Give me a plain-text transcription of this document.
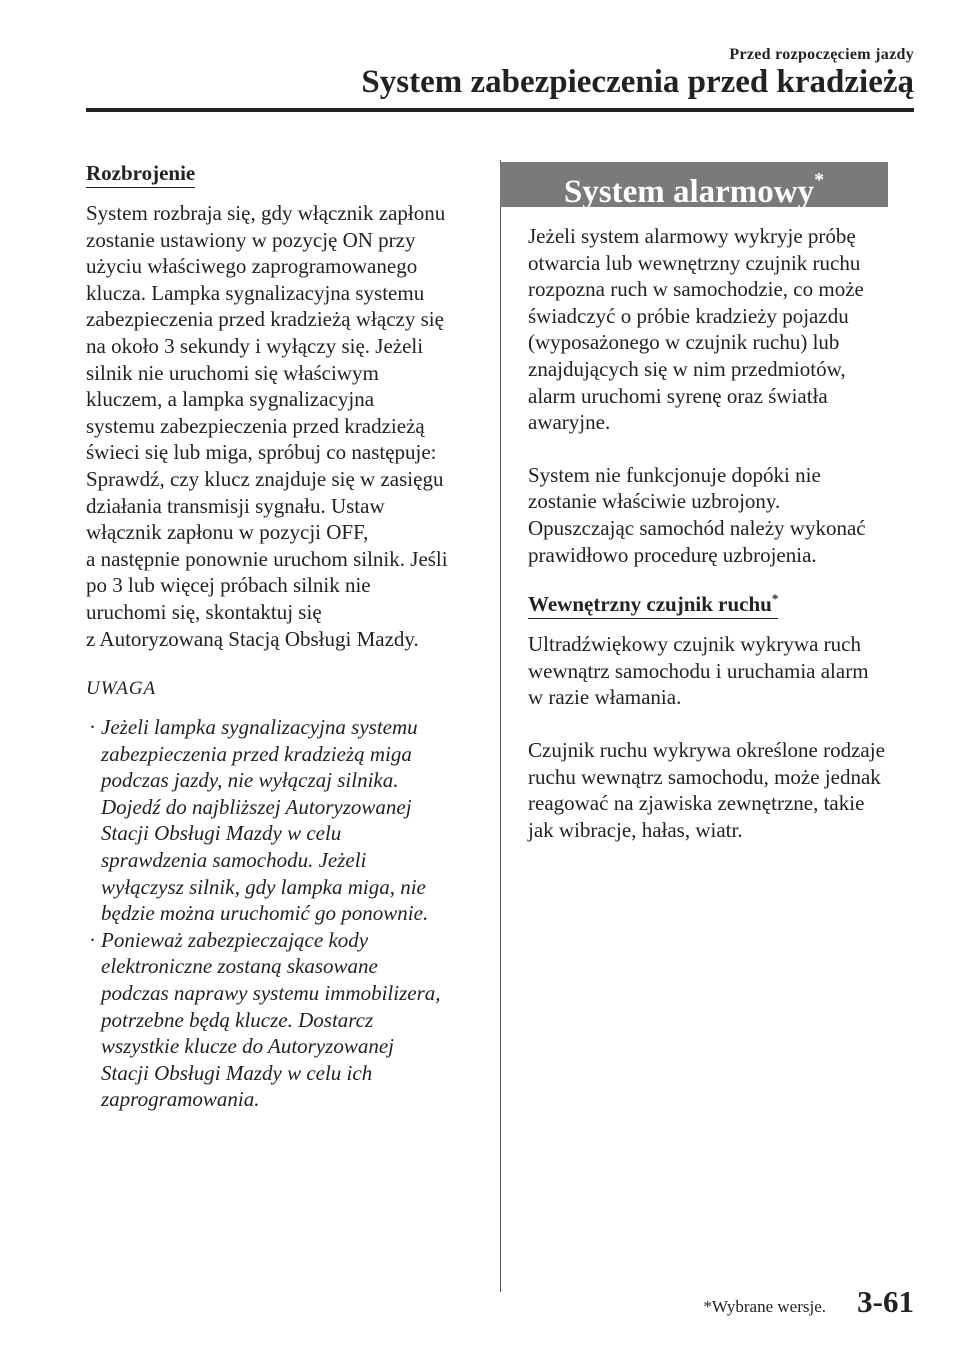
Przed rozpoczęciem jazdy
System zabezpieczenia przed kradzieżą
Rozbrojenie

System rozbraja się, gdy włącznik zapłonu
zostanie ustawiony w pozycję ON przy
użyciu właściwego zaprogramowanego
klucza. Lampka sygnalizacyjna systemu
zabezpieczenia przed kradzieżą włączy się
na około 3 sekundy i wyłączy się. Jeżeli
silnik nie uruchomi się właściwym
kluczem, a lampka sygnalizacyjna
systemu zabezpieczenia przed kradzieżą
świeci się lub miga, spróbuj co następuje:
Sprawdź, czy klucz znajduje się w zasięgu
działania transmisji sygnału. Ustaw
włącznik zapłonu w pozycji OFF,
a następnie ponownie uruchom silnik. Jeśli
po 3 lub więcej próbach silnik nie
uruchomi się, skontaktuj się
z Autoryzowaną Stacją Obsługi Mazdy.

UWAGA
· Jeżeli lampka sygnalizacyjna systemu
zabezpieczenia przed kradzieżą miga
podczas jazdy, nie wyłączaj silnika.
Dojedź do najbliższej Autoryzowanej
Stacji Obsługi Mazdy w celu
sprawdzenia samochodu. Jeżeli
wyłączysz silnik, gdy lampka miga, nie
będzie można uruchomić go ponownie.
· Ponieważ zabezpieczające kody
elektroniczne zostaną skasowane
podczas naprawy systemu immobilizera,
potrzebne będą klucze. Dostarcz
wszystkie klucze do Autoryzowanej
Stacji Obsługi Mazdy w celu ich
zaprogramowania.
System alarmowy*

Jeżeli system alarmowy wykryje próbę
otwarcia lub wewnętrzny czujnik ruchu
rozpozna ruch w samochodzie, co może
świadczyć o próbie kradzieży pojazdu
(wyposażonego w czujnik ruchu) lub
znajdujących się w nim przedmiotów,
alarm uruchomi syrenę oraz światła
awaryjne.

System nie funkcjonuje dopóki nie
zostanie właściwie uzbrojony.
Opuszczając samochód należy wykonać
prawidłowo procedurę uzbrojenia.

Wewnętrzny czujnik ruchu*

Ultradźwiękowy czujnik wykrywa ruch
wewnątrz samochodu i uruchamia alarm
w razie włamania.

Czujnik ruchu wykrywa określone rodzaje
ruchu wewnątrz samochodu, może jednak
reagować na zjawiska zewnętrzne, takie
jak wibracje, hałas, wiatr.

*Wybrane wersje. 3-61
